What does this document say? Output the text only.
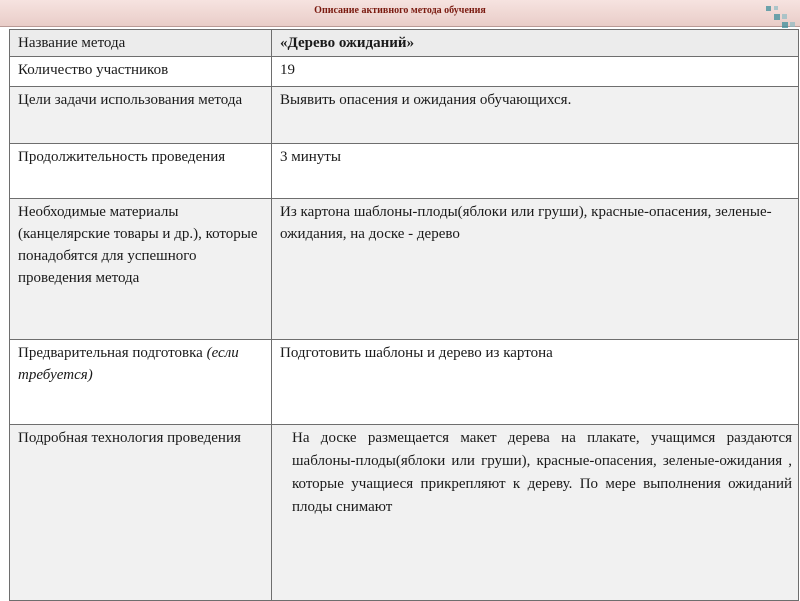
Описание активного метода обучения
Название метода	«Дерево ожиданий»
Количество участников	19
Цели задачи использования метода	Выявить опасения и ожидания обучающихся.
Продолжительность проведения	3 минуты
Необходимые материалы (канцелярские товары и др.), которые понадобятся для успешного проведения метода	Из картона шаблоны-плоды(яблоки или груши), красные-опасения, зеленые-ожидания, на доске - дерево
Предварительная подготовка (если требуется)	Подготовить шаблоны и дерево из картона
Подробная технология проведения	На доске размещается макет дерева на плакате, учащимся раздаются шаблоны-плоды(яблоки или груши), красные-опасения, зеленые-ожидания , которые учащиеся прикрепляют к дереву. По мере выполнения ожиданий плоды снимают
